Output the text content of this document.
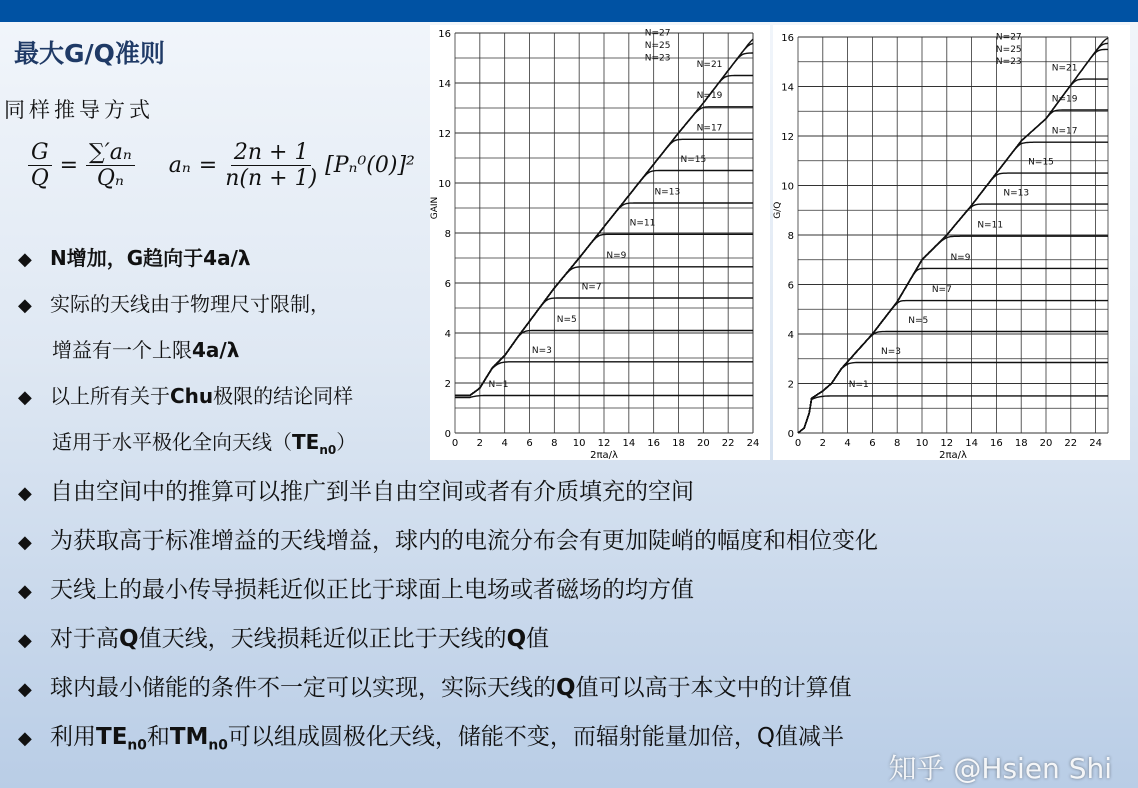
最大G/Q准则
同样推导方式
$\frac{G}{Q} = \frac{\text{∑′aₙ}}{\text{Qₙ}}$ $a_n = \frac{2n + 1}{n(n + 1)} [P_n^0(0)]^2$
◆ N增加，G趋向于4a/λ
◆ 实际的天线由于物理尺寸限制，
增益有一个上限4a/λ
◆ 以上所有关于Chu极限的结论同样
适用于水平极化全向天线$(TE_{n0})$
◆ 自由空间中的推算可以推广到半自由空间或者有介质填充的空间
◆ 为获取高于标准增益的天线增益，球内的电流分布会有更加陡峭的幅度和相位变化
◆ 天线上的最小传导损耗近似正比于球面上电场或者磁场的均方值
◆ 对于高Q值天线，天线损耗近似正比于天线的Q值
◆ 球内最小储能的条件不一定可以实现，实际天线的Q值可以高于本文中的计算值
◆ 利用$TE_{n0}$和$TM_{n0}$可以组成圆极化天线，储能不变，而辐射能量加倍，Q值减半
0 2 4 6 8 10 12 14 16 18 20 22 24
0
2
4
6
8
10
12
14
16
2πa/λ
GAIN
N=1
N=3
N=5
N=7
N=9
N=11
N=13
N=15
N=17
N=19
N=21
N=23
N=25
N=27
0 2 4 6 8 10 12 14 16 18 20 22 24
0
2
4
6
8
10
12
14
16
2πa/λ
G/Q
N=1
N=3
N=5
N=7
N=9
N=11
N=13
N=15
N=17
N=19
N=21
N=23
N=25
N=27
知乎 @Hsien Shi
